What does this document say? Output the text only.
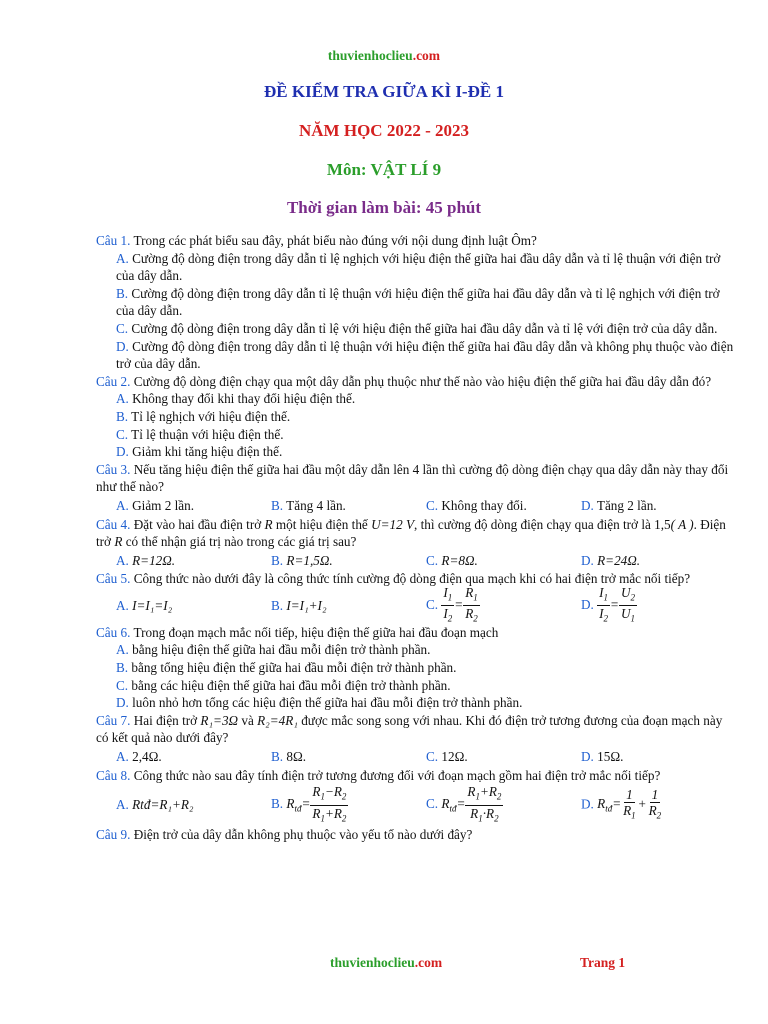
thuvienhoclieu.com
ĐỀ KIỂM TRA GIỮA KÌ I-ĐỀ 1
NĂM HỌC 2022 - 2023
Môn: VẬT LÍ 9
Thời gian làm bài: 45 phút

Câu 1. Trong các phát biểu sau đây, phát biểu nào đúng với nội dung định luật Ôm?

A. Cường độ dòng điện trong dây dẫn tỉ lệ nghịch với hiệu điện thế giữa hai đầu dây dẫn và tỉ lệ thuận với điện trở của dây dẫn.

B. Cường độ dòng điện trong dây dẫn tỉ lệ thuận với hiệu điện thế giữa hai đầu dây dẫn và tỉ lệ nghịch với điện trở của dây dẫn.

C. Cường độ dòng điện trong dây dẫn tỉ lệ với hiệu điện thế giữa hai đầu dây dẫn và tỉ lệ với điện trở của dây dẫn.

D. Cường độ dòng điện trong dây dẫn tỉ lệ thuận với hiệu điện thế giữa hai đầu dây dẫn và không phụ thuộc vào điện trở của dây dẫn.

Câu 2. Cường độ dòng điện chạy qua một dây dẫn phụ thuộc như thế nào vào hiệu điện thế giữa hai đầu dây dẫn đó?

A. Không thay đổi khi thay đổi hiệu điện thế.

B. Tỉ lệ nghịch với hiệu điện thế.

C. Tỉ lệ thuận với hiệu điện thế.

D. Giảm khi tăng hiệu điện thế.

Câu 3. Nếu tăng hiệu điện thế giữa hai đầu một dây dẫn lên 4 lần thì cường độ dòng điện chạy qua dây dẫn này thay đổi như thế nào?

A. Giảm 2 lần.	B. Tăng 4 lần.	C. Không thay đổi.	D. Tăng 2 lần.

Câu 4. Đặt vào hai đầu điện trở R một hiệu điện thế U=12 V, thì cường độ dòng điện chạy qua điện trở là 1,5( A ). Điện trở R có thể nhận giá trị nào trong các giá trị sau?

A. R=12Ω.	B. R=1,5Ω.	C. R=8Ω.	D. R=24Ω.

Câu 5. Công thức nào dưới đây là công thức tính cường độ dòng điện qua mạch khi có hai điện trở mắc nối tiếp?

A. I=I₁=I₂	B. I=I₁+I₂	C. $\frac{I_1}{I_2} = \frac{R_1}{R_2}$	D. $\frac{I_1}{I_2} = \frac{U_2}{U_1}$

Câu 6. Trong đoạn mạch mắc nối tiếp, hiệu điện thế giữa hai đầu đoạn mạch

A. bằng hiệu điện thế giữa hai đầu mỗi điện trở thành phần.

B. bằng tổng hiệu điện thế giữa hai đầu mỗi điện trở thành phần.

C. bằng các hiệu điện thế giữa hai đầu mỗi điện trở thành phần.

D. luôn nhỏ hơn tổng các hiệu điện thế giữa hai đầu mỗi điện trở thành phần.

Câu 7. Hai điện trở R₁=3Ω và R₂=4R₁ được mắc song song với nhau. Khi đó điện trở tương đương của đoạn mạch này có kết quả nào dưới đây?

A. 2,4Ω.	B. 8Ω.	C. 12Ω.	D. 15Ω.

Câu 8. Công thức nào sau đây tính điện trở tương đương đối với đoạn mạch gồm hai điện trở mắc nối tiếp?

A. Rtđ=R₁+R₂	B. $R_{tđ}= \frac{R_1-R_2}{R_1+R_2}$	C. $R_{tđ}= \frac{R_1+R_2}{R_1\cdot R_2}$	D. $R_{tđ}= \frac{1}{R_1} + \frac{1}{R_2}$

Câu 9. Điện trở của dây dẫn không phụ thuộc vào yếu tố nào dưới đây?

thuvienhoclieu.com	Trang 1
